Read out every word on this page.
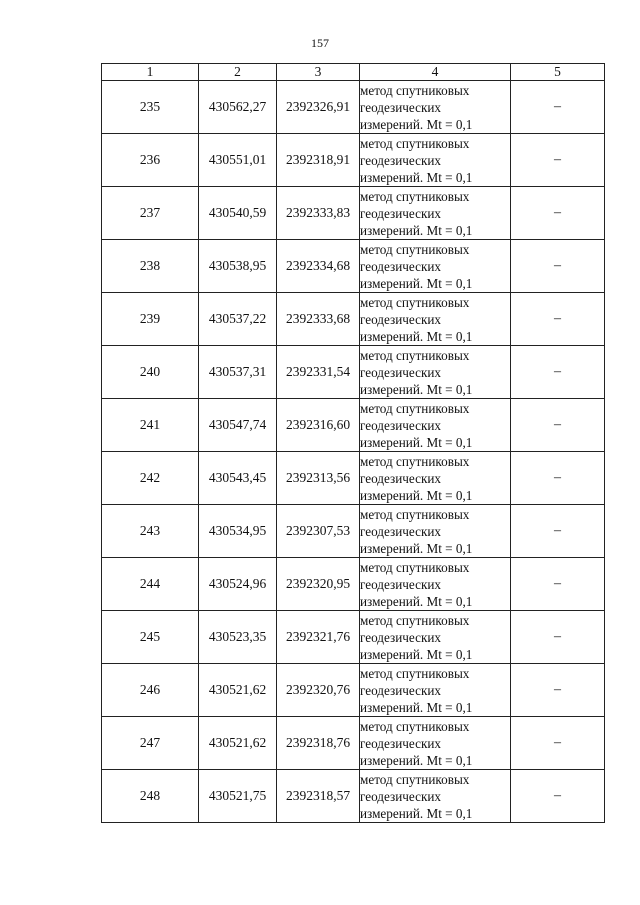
157
1	2	3	4	5
235	430562,27	2392326,91	метод спутниковых
геодезических
измерений. Mt = 0,1	–
236	430551,01	2392318,91	метод спутниковых
геодезических
измерений. Mt = 0,1	–
237	430540,59	2392333,83	метод спутниковых
геодезических
измерений. Mt = 0,1	–
238	430538,95	2392334,68	метод спутниковых
геодезических
измерений. Mt = 0,1	–
239	430537,22	2392333,68	метод спутниковых
геодезических
измерений. Mt = 0,1	–
240	430537,31	2392331,54	метод спутниковых
геодезических
измерений. Mt = 0,1	–
241	430547,74	2392316,60	метод спутниковых
геодезических
измерений. Mt = 0,1	–
242	430543,45	2392313,56	метод спутниковых
геодезических
измерений. Mt = 0,1	–
243	430534,95	2392307,53	метод спутниковых
геодезических
измерений. Mt = 0,1	–
244	430524,96	2392320,95	метод спутниковых
геодезических
измерений. Mt = 0,1	–
245	430523,35	2392321,76	метод спутниковых
геодезических
измерений. Mt = 0,1	–
246	430521,62	2392320,76	метод спутниковых
геодезических
измерений. Mt = 0,1	–
247	430521,62	2392318,76	метод спутниковых
геодезических
измерений. Mt = 0,1	–
248	430521,75	2392318,57	метод спутниковых
геодезических
измерений. Mt = 0,1	–
